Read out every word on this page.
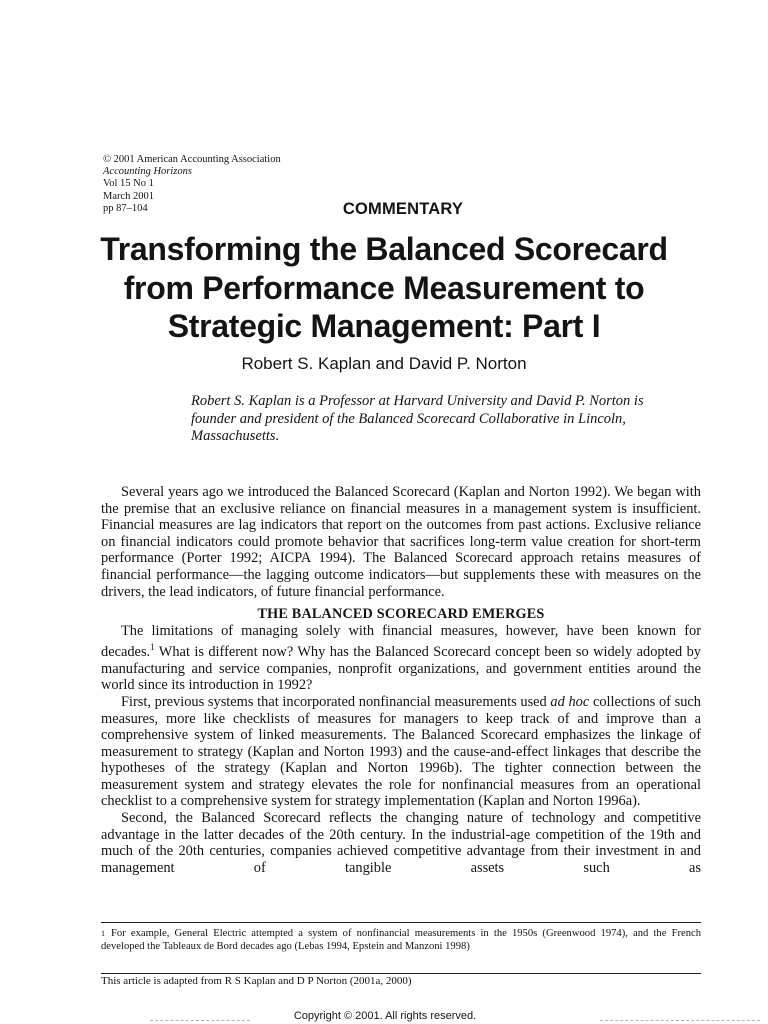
© 2001 American Accounting Association
Accounting Horizons
Vol 15 No 1
March 2001
pp 87–104	COMMENTARY
Transforming the Balanced Scorecard
from Performance Measurement to
Strategic Management: Part I
Robert S. Kaplan and David P. Norton

Robert S. Kaplan is a Professor at Harvard University and David P. Norton is founder and president of the Balanced Scorecard Collaborative in Lincoln, Massachusetts.

Several years ago we introduced the Balanced Scorecard (Kaplan and Norton 1992). We began with the premise that an exclusive reliance on financial measures in a management system is insufficient. Financial measures are lag indicators that report on the outcomes from past actions. Exclusive reliance on financial indicators could promote behavior that sacrifices long-term value creation for short-term performance (Porter 1992; AICPA 1994). The Balanced Scorecard approach retains measures of financial performance—the lagging outcome indicators—but supplements these with measures on the drivers, the lead indicators, of future financial performance.

THE BALANCED SCORECARD EMERGES

The limitations of managing solely with financial measures, however, have been known for decades.$^1$ What is different now? Why has the Balanced Scorecard concept been so widely adopted by manufacturing and service companies, nonprofit organizations, and government entities around the world since its introduction in 1992?

First, previous systems that incorporated nonfinancial measurements used ad hoc collections of such measures, more like checklists of measures for managers to keep track of and improve than a comprehensive system of linked measurements. The Balanced Scorecard emphasizes the linkage of measurement to strategy (Kaplan and Norton 1993) and the cause-and-effect linkages that describe the hypotheses of the strategy (Kaplan and Norton 1996b). The tighter connection between the measurement system and strategy elevates the role for nonfinancial measures from an operational checklist to a comprehensive system for strategy implementation (Kaplan and Norton 1996a).

Second, the Balanced Scorecard reflects the changing nature of technology and competitive advantage in the latter decades of the 20th century. In the industrial-age competition of the 19th and much of the 20th centuries, companies achieved competitive advantage from their investment in and management of tangible assets such as

$^1$ For example, General Electric attempted a system of nonfinancial measurements in the 1950s (Greenwood 1974), and the French developed the Tableaux de Bord decades ago (Lebas 1994, Epstein and Manzoni 1998)

This article is adapted from R S Kaplan and D P Norton (2001a, 2000)

Copyright © 2001. All rights reserved.
